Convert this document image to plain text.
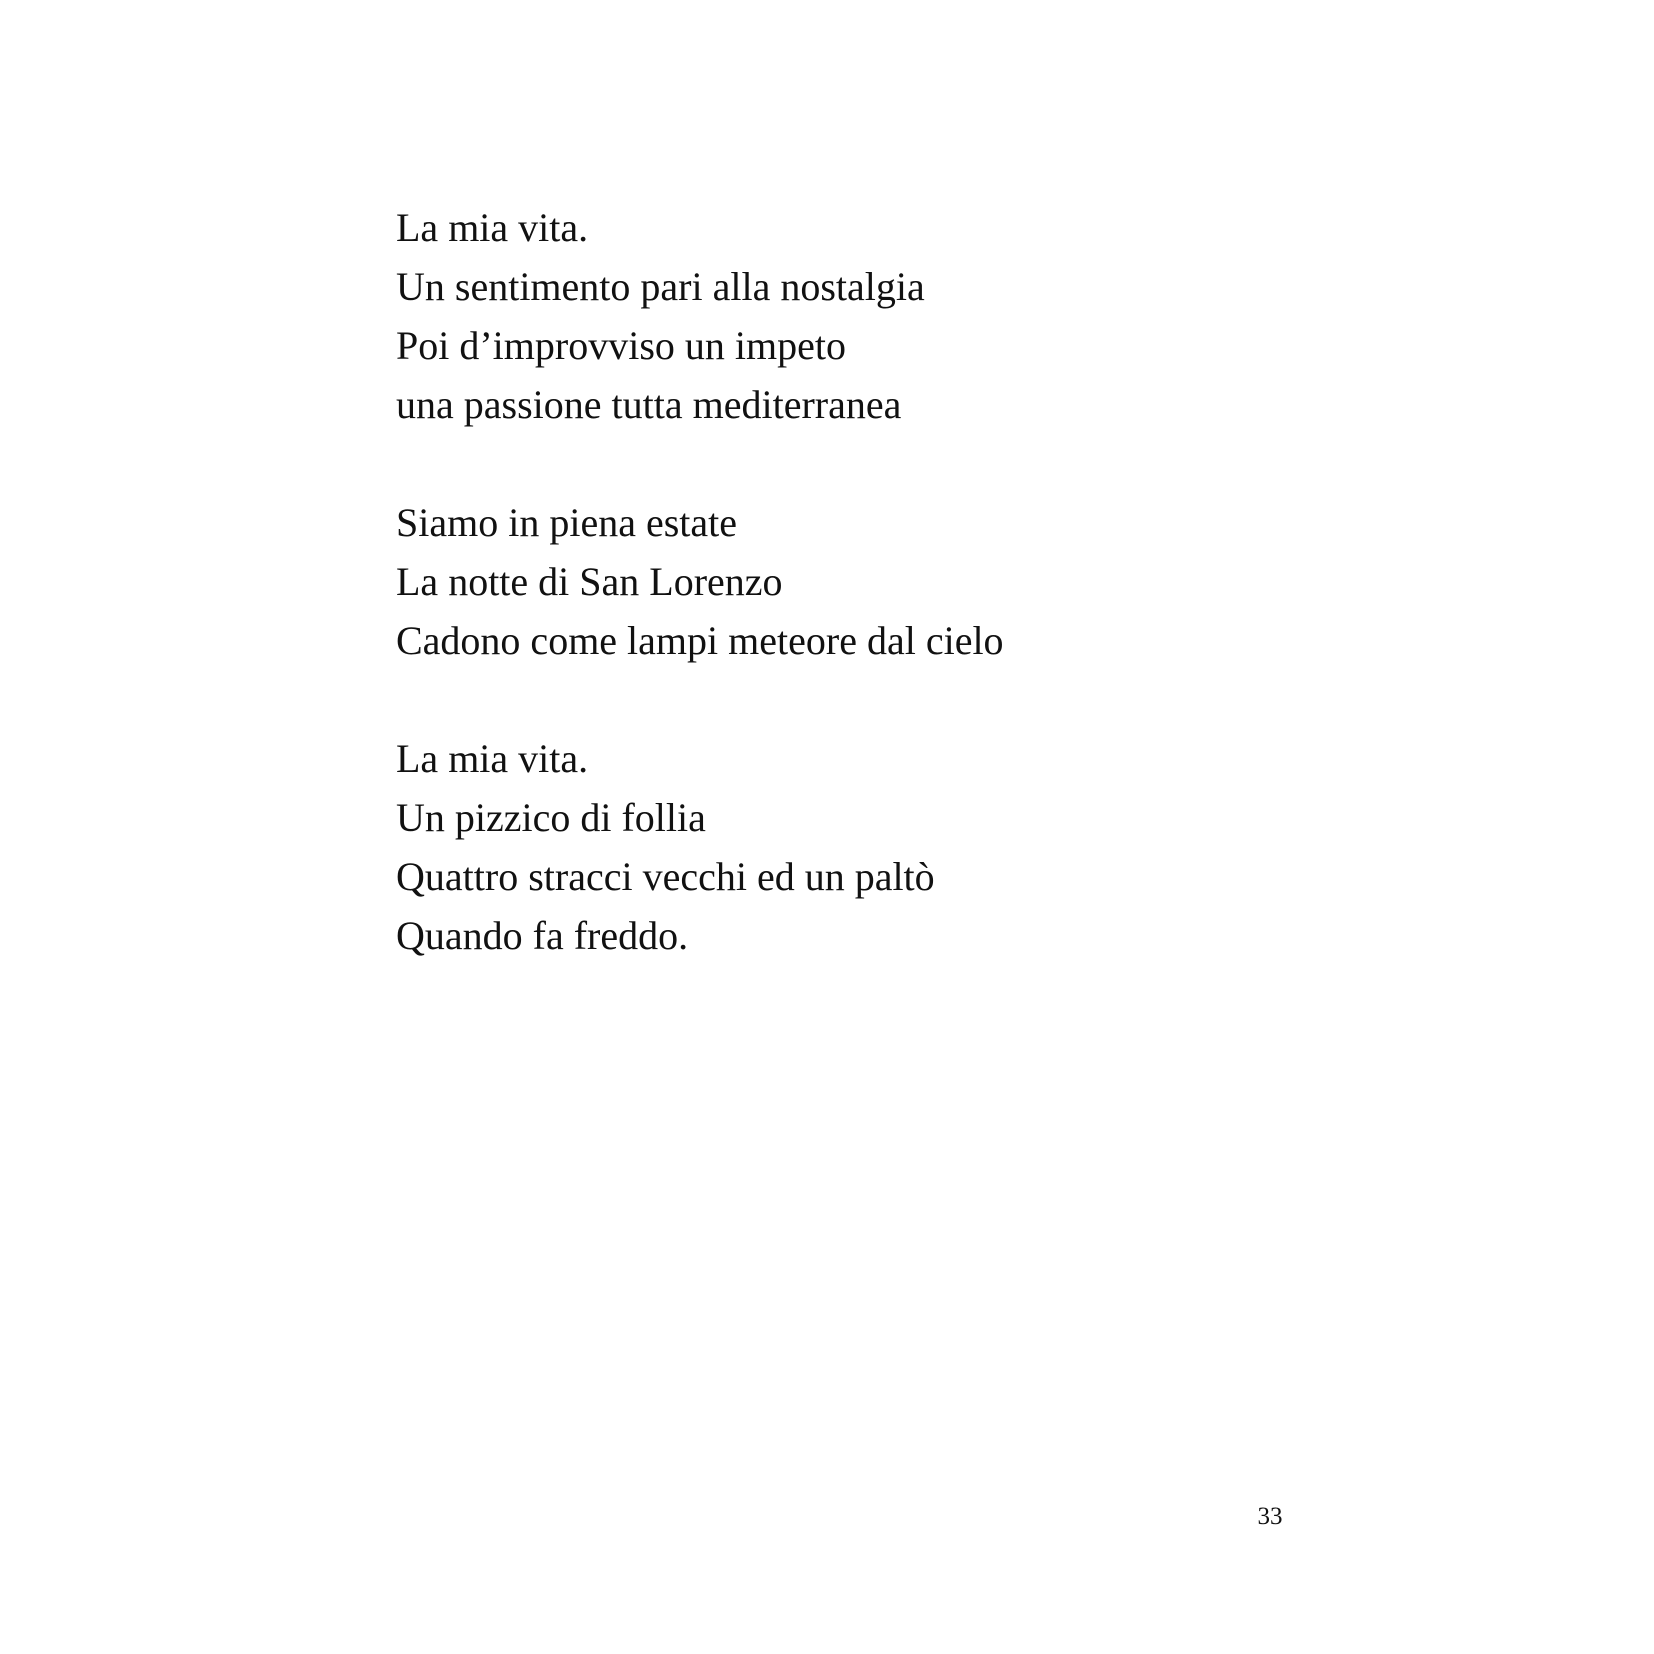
La mia vita.
Un sentimento pari alla nostalgia
Poi d’improvviso un impeto
una passione tutta mediterranea
Siamo in piena estate
La notte di San Lorenzo
Cadono come lampi meteore dal cielo
La mia vita.
Un pizzico di follia
Quattro stracci vecchi ed un paltò
Quando fa freddo.
33
